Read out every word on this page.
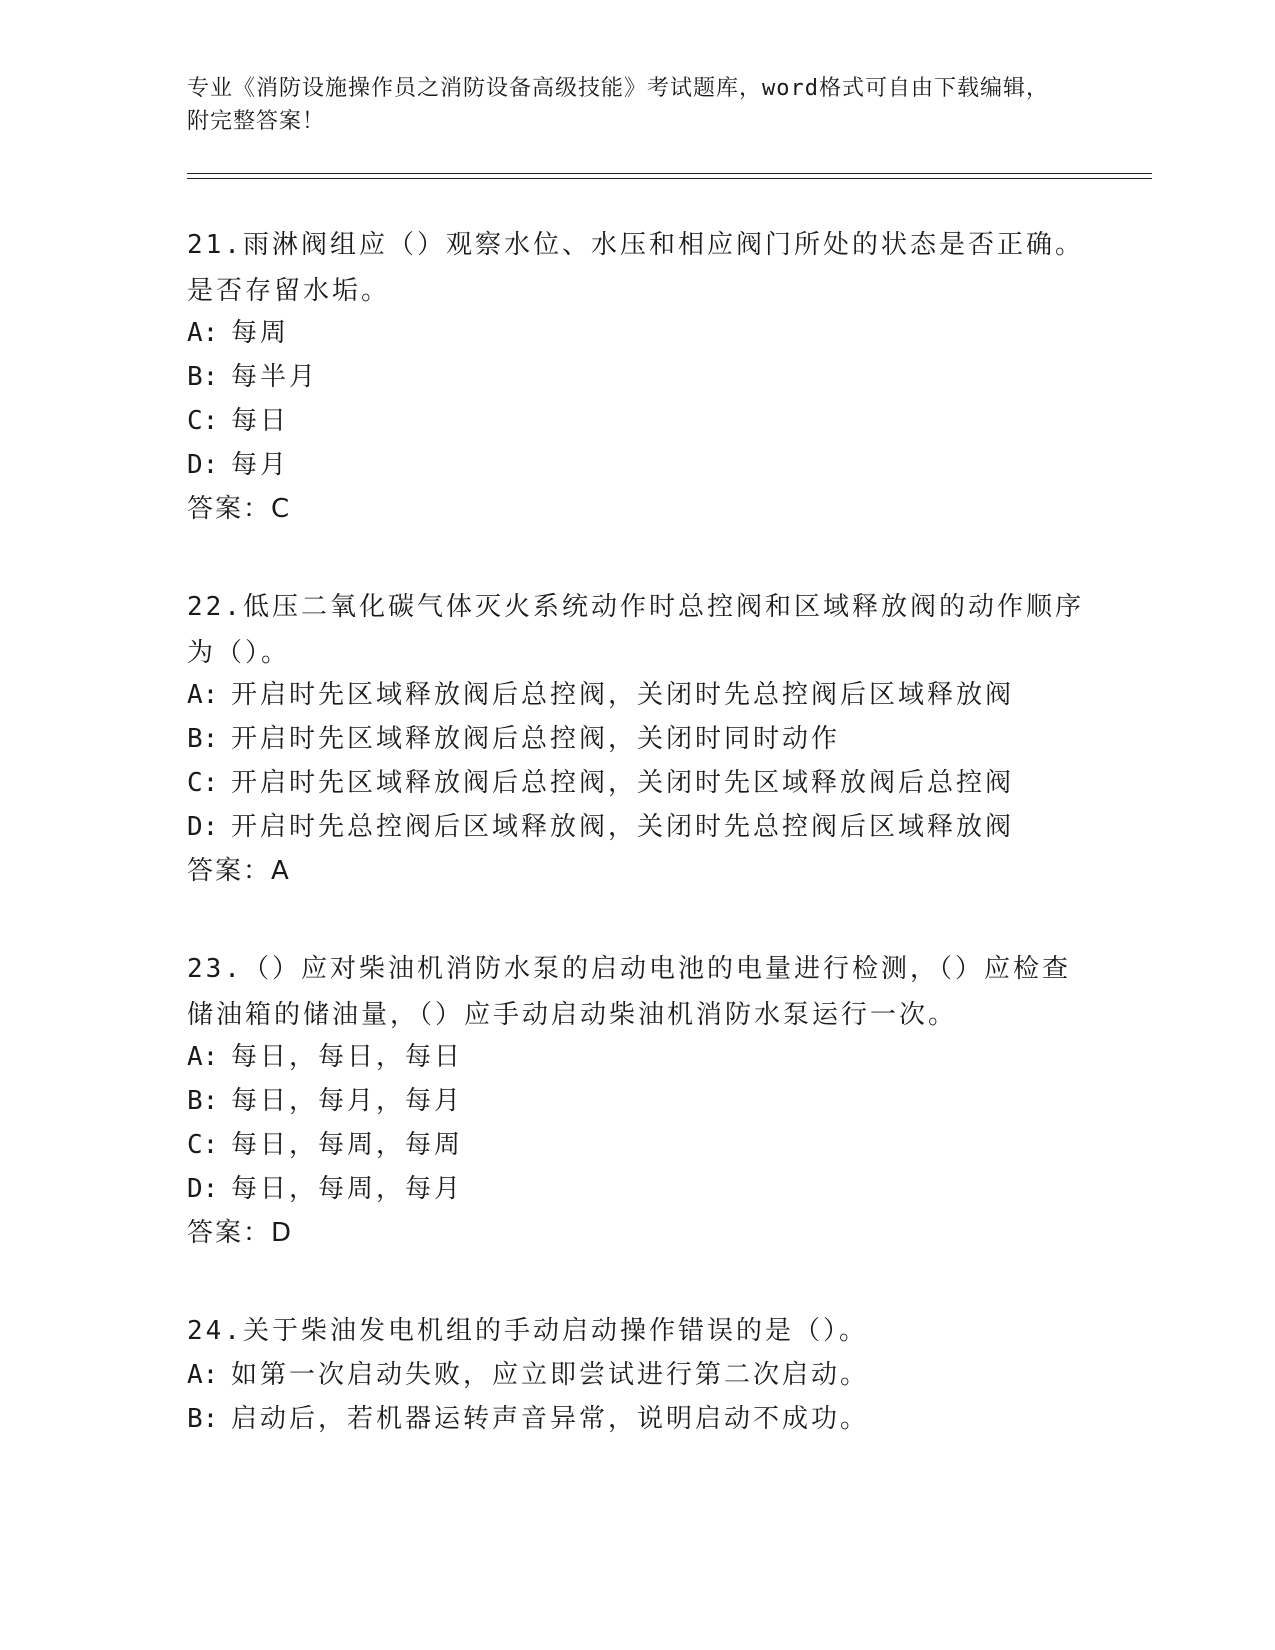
专业《消防设施操作员之消防设备高级技能》考试题库，word格式可自由下载编辑，附完整答案！
21.雨淋阀组应（）观察水位、水压和相应阀门所处的状态是否正确。是否存留水垢。
A: 每周
B: 每半月
C: 每日
D: 每月
答案：C
22.低压二氧化碳气体灭火系统动作时总控阀和区域释放阀的动作顺序为（）。
A: 开启时先区域释放阀后总控阀，关闭时先总控阀后区域释放阀
B: 开启时先区域释放阀后总控阀，关闭时同时动作
C: 开启时先区域释放阀后总控阀，关闭时先区域释放阀后总控阀
D: 开启时先总控阀后区域释放阀，关闭时先总控阀后区域释放阀
答案：A
23.（）应对柴油机消防水泵的启动电池的电量进行检测，（）应检查储油箱的储油量，（）应手动启动柴油机消防水泵运行一次。
A: 每日，每日，每日
B: 每日，每月，每月
C: 每日，每周，每周
D: 每日，每周，每月
答案：D
24.关于柴油发电机组的手动启动操作错误的是（）。
A: 如第一次启动失败，应立即尝试进行第二次启动。
B: 启动后，若机器运转声音异常，说明启动不成功。
